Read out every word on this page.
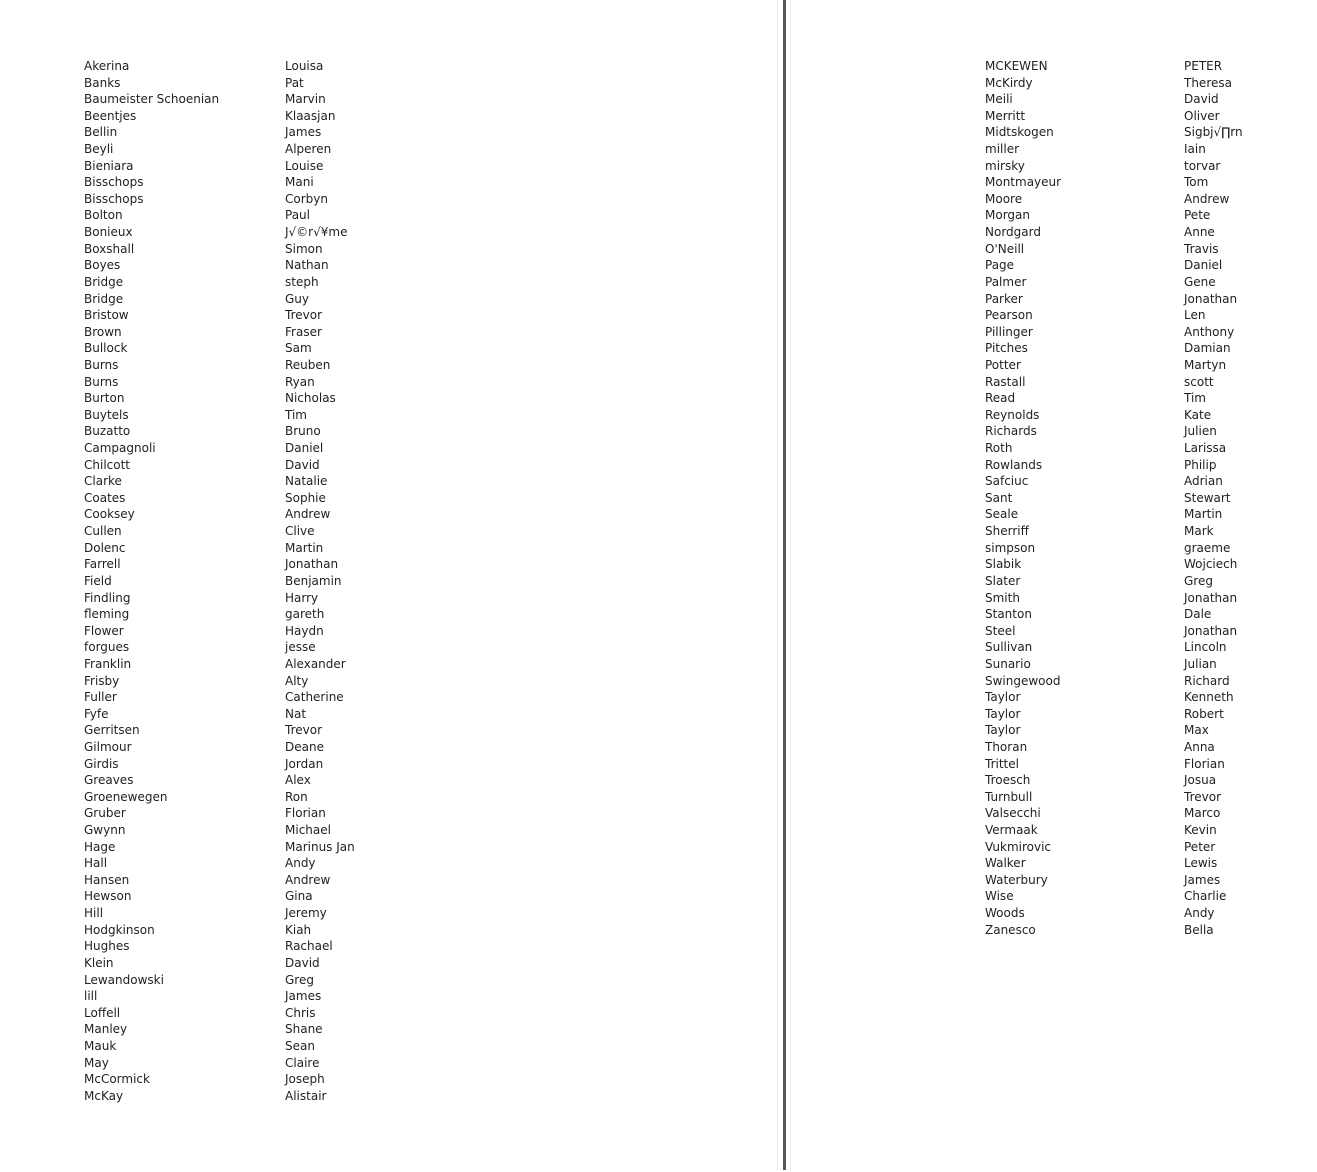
Akerina	Louisa
Banks	Pat
Baumeister Schoenian	Marvin
Beentjes	Klaasjan
Bellin	James
Beyli	Alperen
Bieniara	Louise
Bisschops	Mani
Bisschops	Corbyn
Bolton	Paul
Bonieux	J√©r√¥me
Boxshall	Simon
Boyes	Nathan
Bridge	steph
Bridge	Guy
Bristow	Trevor
Brown	Fraser
Bullock	Sam
Burns	Reuben
Burns	Ryan
Burton	Nicholas
Buytels	Tim
Buzatto	Bruno
Campagnoli	Daniel
Chilcott	David
Clarke	Natalie
Coates	Sophie
Cooksey	Andrew
Cullen	Clive
Dolenc	Martin
Farrell	Jonathan
Field	Benjamin
Findling	Harry
fleming	gareth
Flower	Haydn
forgues	jesse
Franklin	Alexander
Frisby	Alty
Fuller	Catherine
Fyfe	Nat
Gerritsen	Trevor
Gilmour	Deane
Girdis	Jordan
Greaves	Alex
Groenewegen	Ron
Gruber	Florian
Gwynn	Michael
Hage	Marinus Jan
Hall	Andy
Hansen	Andrew
Hewson	Gina
Hill	Jeremy
Hodgkinson	Kiah
Hughes	Rachael
Klein	David
Lewandowski	Greg
lill	James
Loffell	Chris
Manley	Shane
Mauk	Sean
May	Claire
McCormick	Joseph
McKay	Alistair
MCKEWEN	PETER
McKirdy	Theresa
Meili	David
Merritt	Oliver
Midtskogen	Sigbj√∏rn
miller	Iain
mirsky	torvar
Montmayeur	Tom
Moore	Andrew
Morgan	Pete
Nordgard	Anne
O'Neill	Travis
Page	Daniel
Palmer	Gene
Parker	Jonathan
Pearson	Len
Pillinger	Anthony
Pitches	Damian
Potter	Martyn
Rastall	scott
Read	Tim
Reynolds	Kate
Richards	Julien
Roth	Larissa
Rowlands	Philip
Safciuc	Adrian
Sant	Stewart
Seale	Martin
Sherriff	Mark
simpson	graeme
Slabik	Wojciech
Slater	Greg
Smith	Jonathan
Stanton	Dale
Steel	Jonathan
Sullivan	Lincoln
Sunario	Julian
Swingewood	Richard
Taylor	Kenneth
Taylor	Robert
Taylor	Max
Thoran	Anna
Trittel	Florian
Troesch	Josua
Turnbull	Trevor
Valsecchi	Marco
Vermaak	Kevin
Vukmirovic	Peter
Walker	Lewis
Waterbury	James
Wise	Charlie
Woods	Andy
Zanesco	Bella
